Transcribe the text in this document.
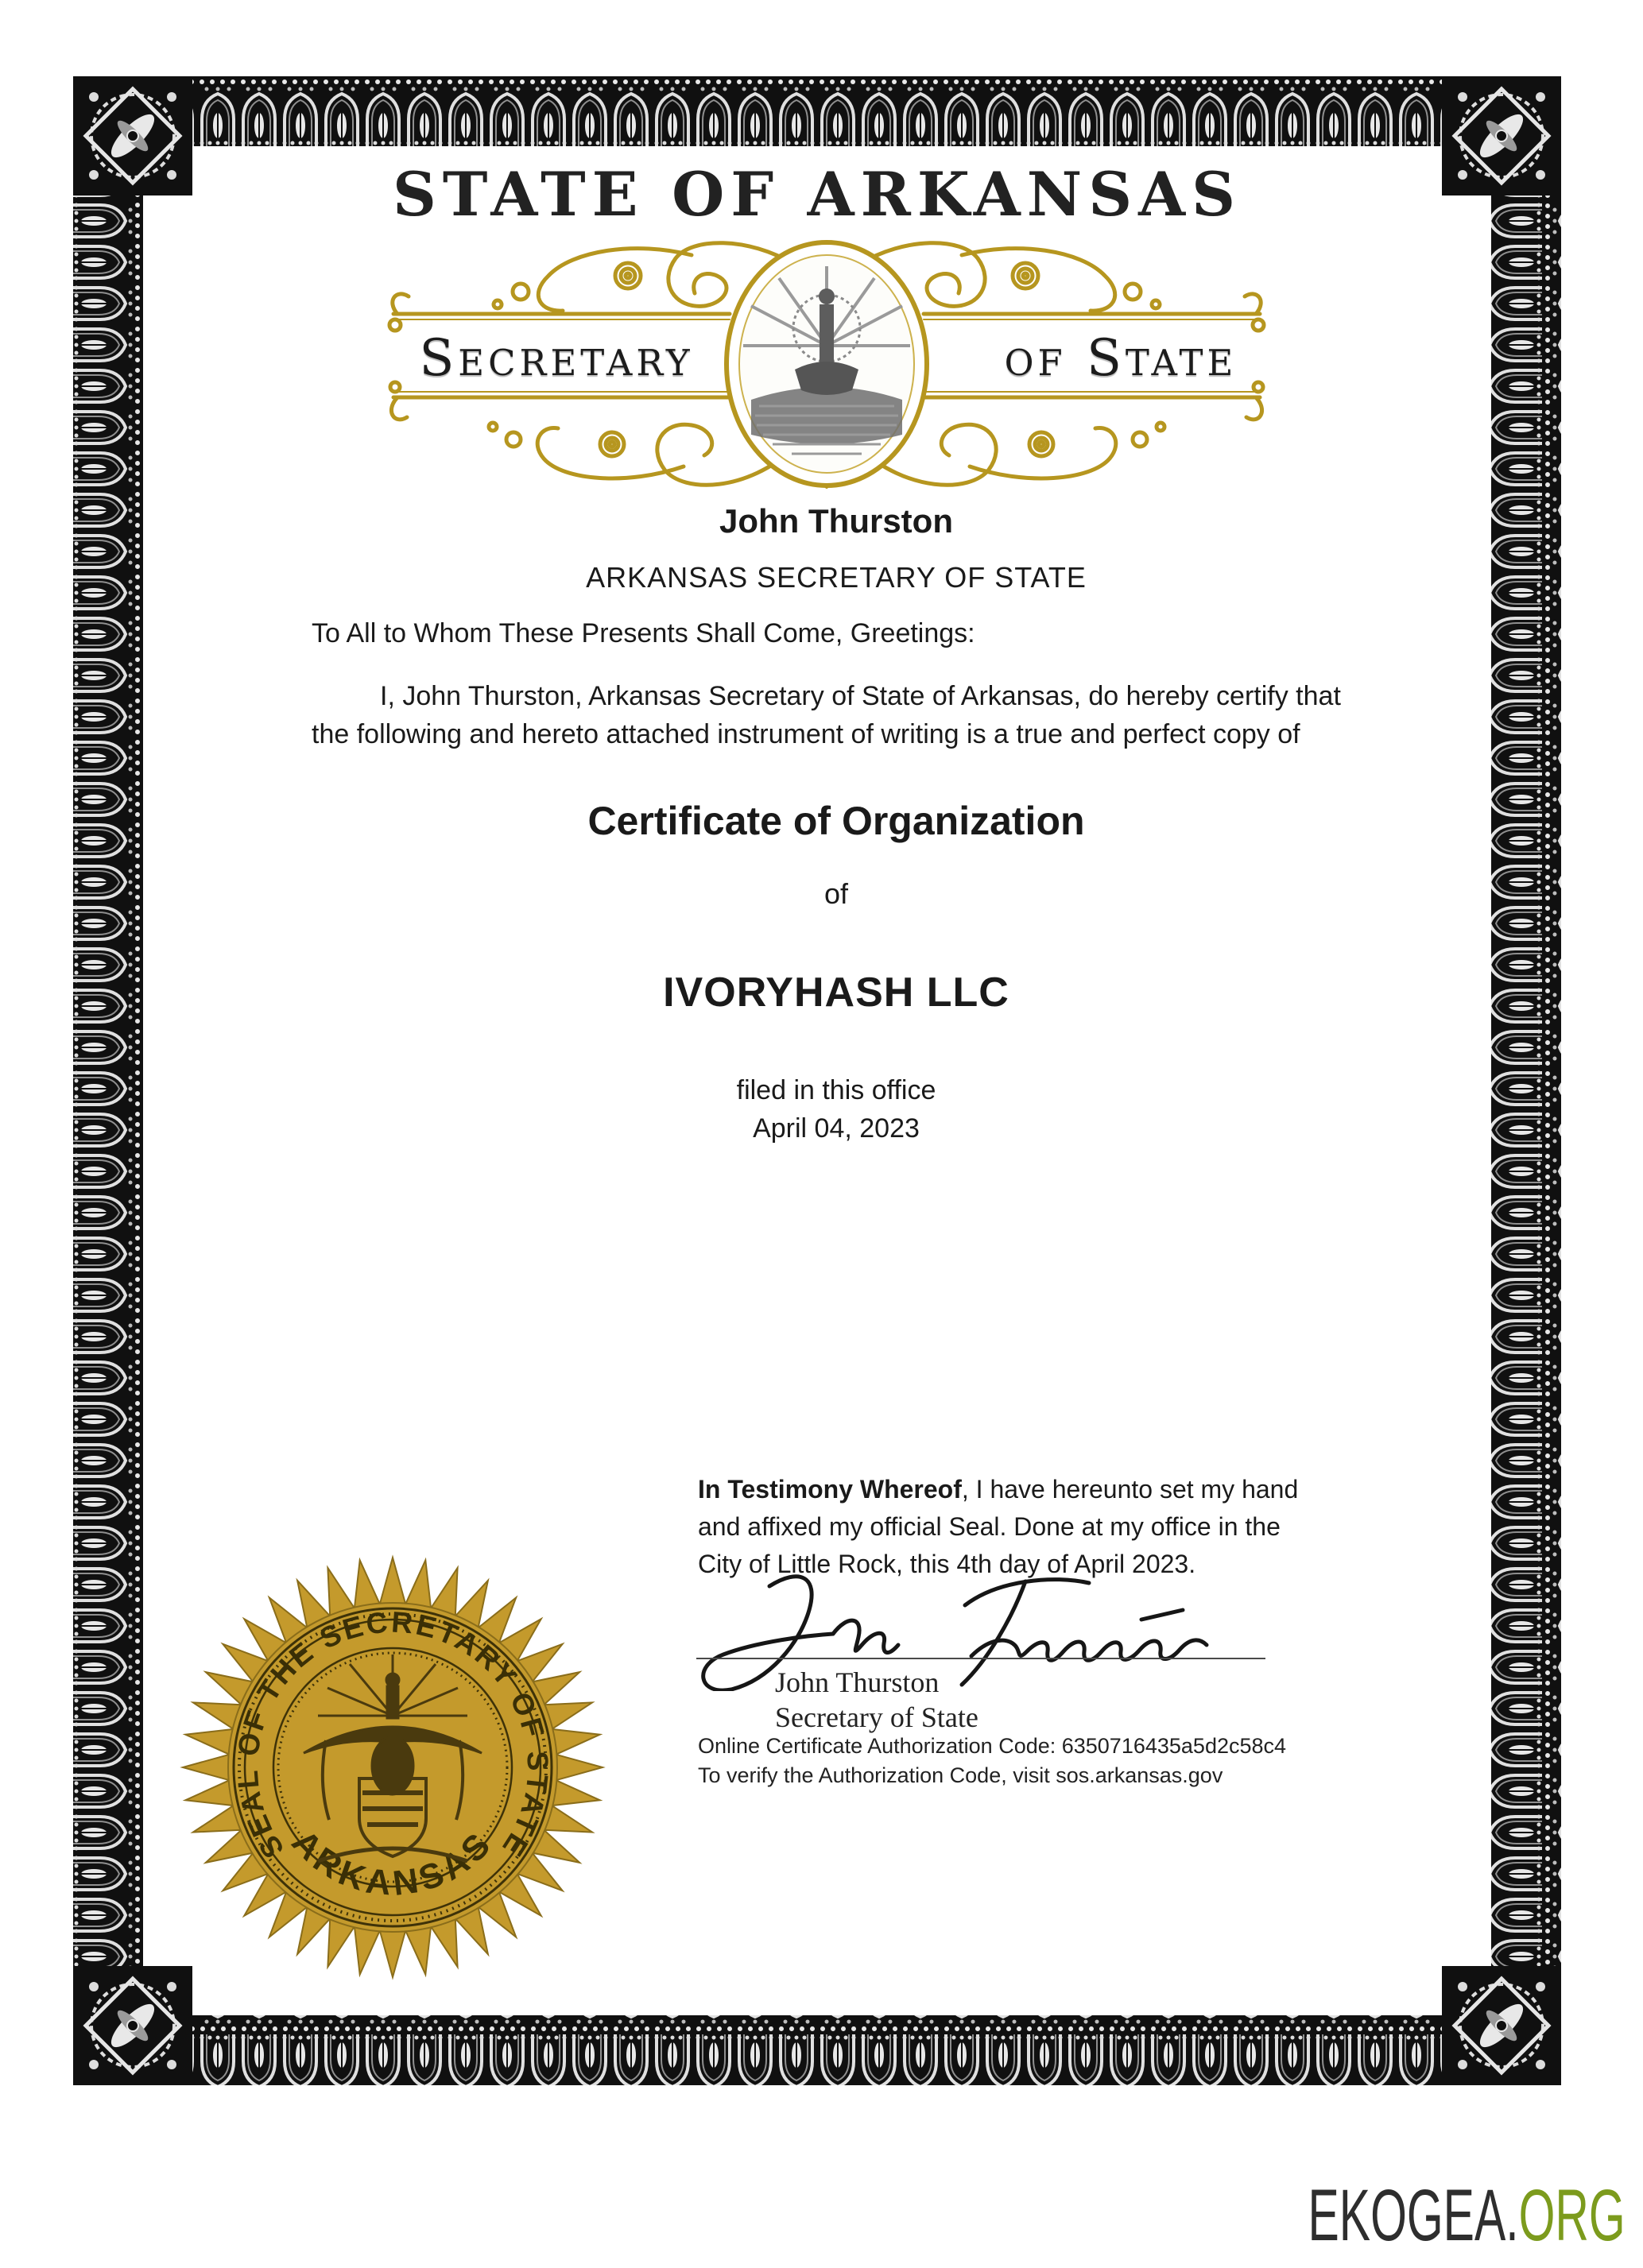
STATE OF ARKANSAS
Secretary	of State
John Thurston
ARKANSAS SECRETARY OF STATE
To All to Whom These Presents Shall Come, Greetings:
I, John Thurston, Arkansas Secretary of State of Arkansas, do hereby certify that
the following and hereto attached instrument of writing is a true and perfect copy of
Certificate of Organization
of
IVORYHASH LLC
filed in this office
April 04, 2023
In Testimony Whereof, I have hereunto set my hand
and affixed my official Seal. Done at my office in the
City of Little Rock, this 4th day of April 2023.
John Thurston
Secretary of State
Online Certificate Authorization Code: 6350716435a5d2c58c4
To verify the Authorization Code, visit sos.arkansas.gov
SEAL OF THE SECRETARY OF STATE
ARKANSAS
EKOGEA.ORG
